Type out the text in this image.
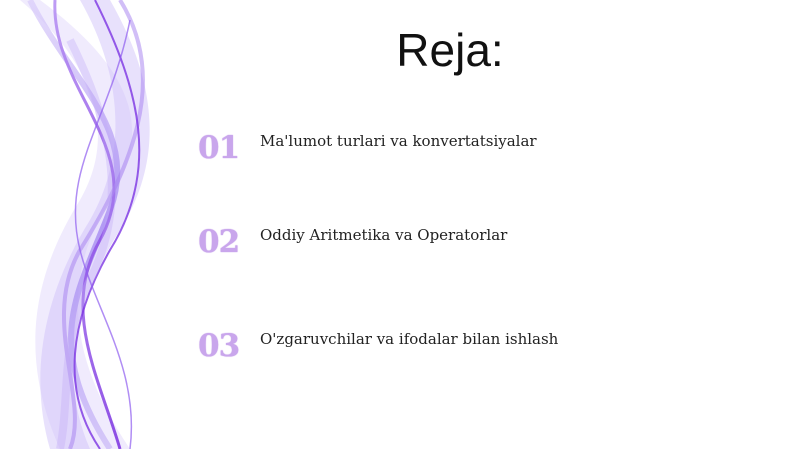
Reja:
01	Ma'lumot turlari va konvertatsiyalar
02	Oddiy Aritmetika va Operatorlar
03	O'zgaruvchilar va ifodalar bilan ishlash
